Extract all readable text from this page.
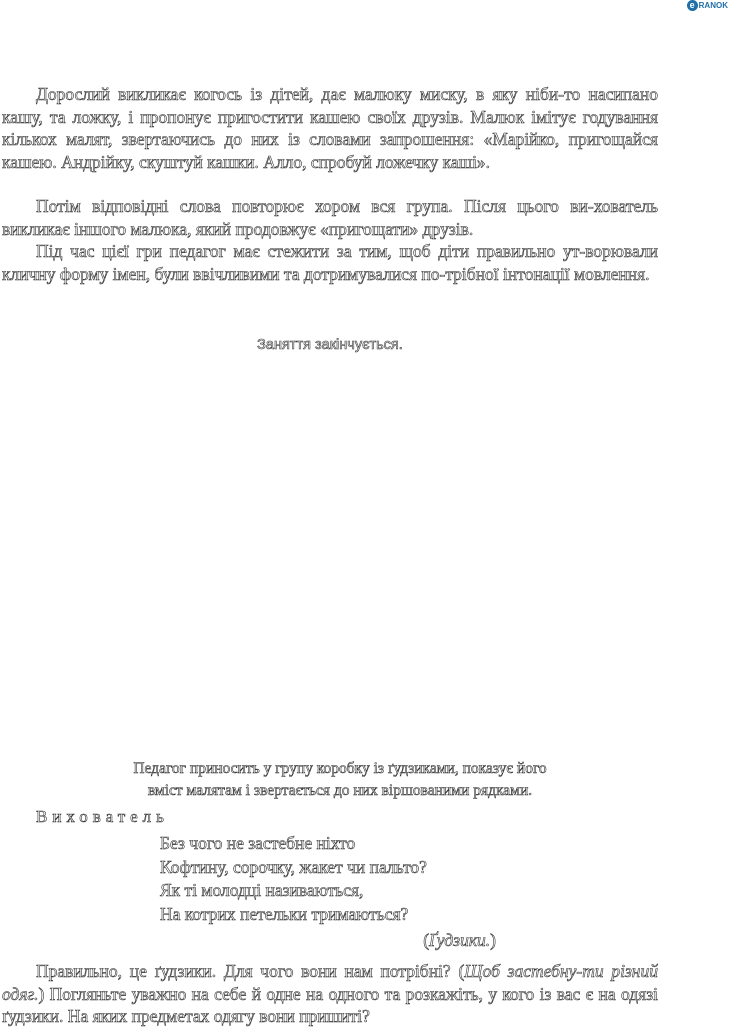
e RANOK

Дорослий викликає когось із дітей, дає малюку миску, в яку ніби-то насипано кашу, та ложку, і пропонує пригостити кашею своїх друзів. Малюк імітує годування кількох малят, звертаючись до них із словами запрошення: «Марійко, пригощайся кашею. Андрійку, скуштуй кашки. Алло, спробуй ложечку каші».

Потім відповідні слова повторює хором вся група. Після цього ви-хователь викликає іншого малюка, який продовжує «пригощати» друзів.

Під час цієї гри педагог має стежити за тим, щоб діти правильно ут-ворювали кличну форму імен, були ввічливими та дотримувалися по-трібної інтонації мовлення.

Заняття закінчується.
Педагог приносить у групу коробку із ґудзиками, показує його
вміст малятам і звертається до них віршованими рядками.
Вихователь
Без чого не застебне ніхто
Кофтину, сорочку, жакет чи пальто?
Як ті молодці називаються,
На котрих петельки тримаються?
(Ґудзики.)

Правильно, це ґудзики. Для чого вони нам потрібні? (Щоб застебну-ти різний одяг.) Погляньте уважно на себе й одне на одного та розкажіть, у кого із вас є на одязі ґудзики. На яких предметах одягу вони пришиті?
